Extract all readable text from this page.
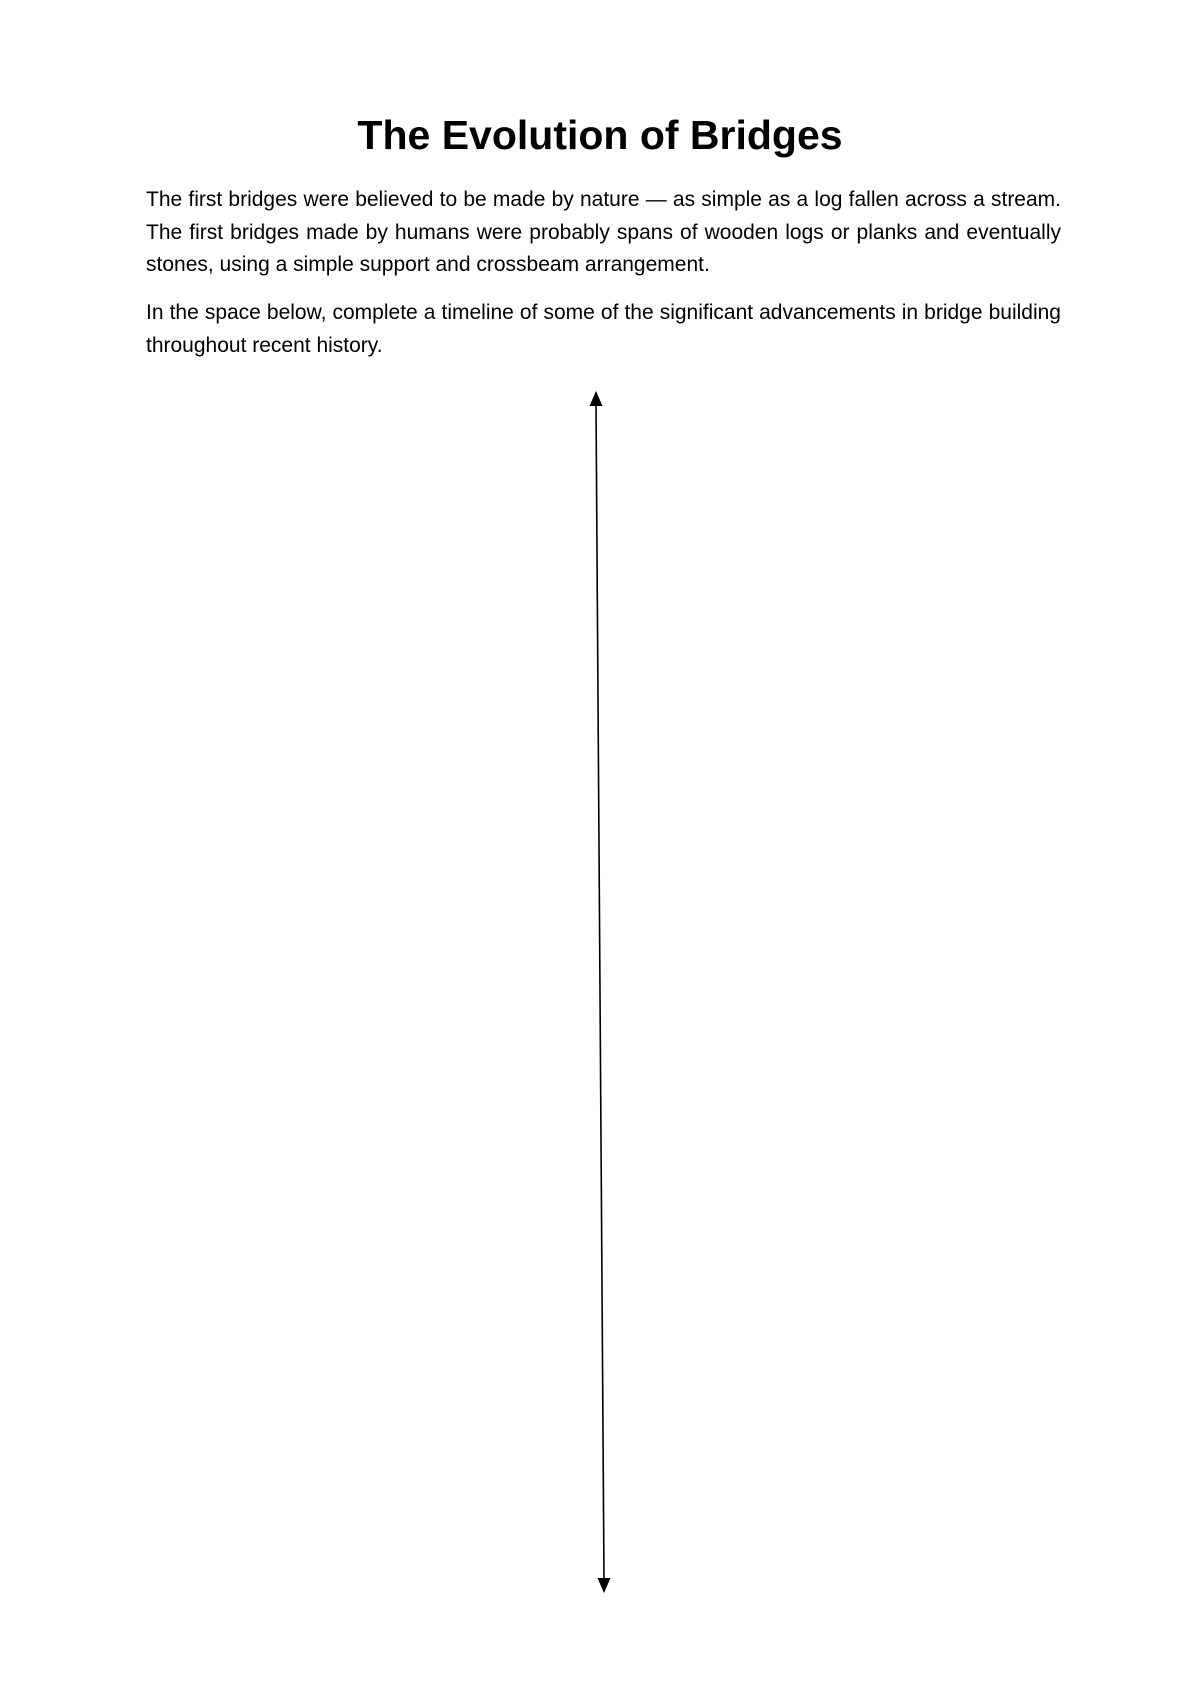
The Evolution of Bridges

The first bridges were believed to be made by nature — as simple as a log fallen across a stream. The first bridges made by humans were probably spans of wooden logs or planks and eventually stones, using a simple support and crossbeam arrangement.

In the space below, complete a timeline of some of the significant advancements in bridge building throughout recent history.
